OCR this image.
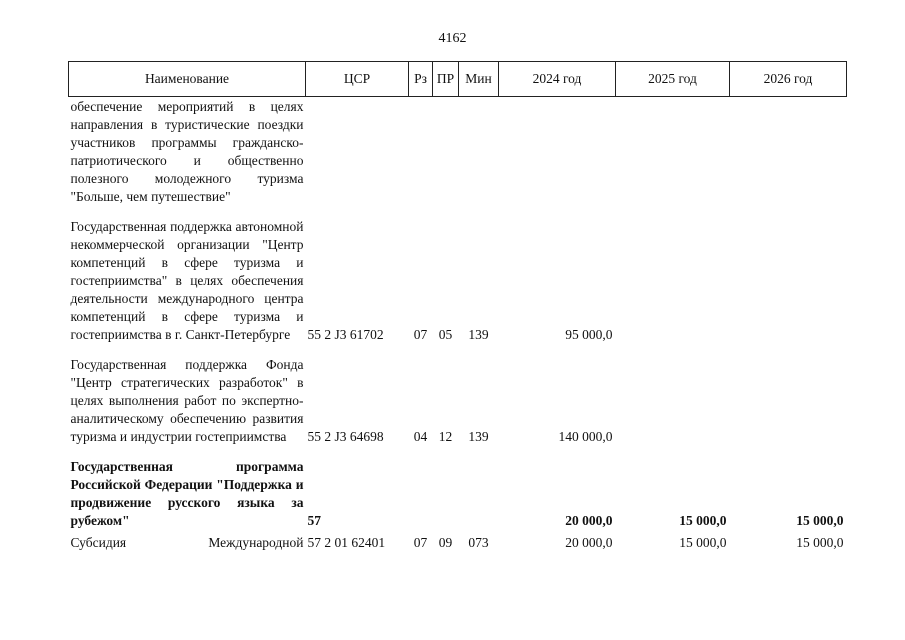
4162
Наименование	ЦСР	Рз	ПР	Мин	2024 год	2025 год	2026 год
обеспечение мероприятий в целях направления в туристические поездки участников программы гражданско-патриотического и общественно полезного молодежного туризма "Больше, чем путешествие"							

Государственная поддержка автономной некоммерческой организации "Центр компетенций в сфере туризма и гостеприимства" в целях обеспечения деятельности международного центра компетенций в сфере туризма и гостеприимства в г. Санкт-Петербурге	55 2 J3 61702	07	05	139	95 000,0		

Государственная поддержка Фонда "Центр стратегических разработок" в целях выполнения работ по экспертно-аналитическому обеспечению развития туризма и индустрии гостеприимства	55 2 J3 64698	04	12	139	140 000,0		

Государственная программа Российской Федерации "Поддержка и продвижение русского языка за рубежом"	57				20 000,0	15 000,0	15 000,0

Субсидия Международной	57 2 01 62401	07	09	073	20 000,0	15 000,0	15 000,0
